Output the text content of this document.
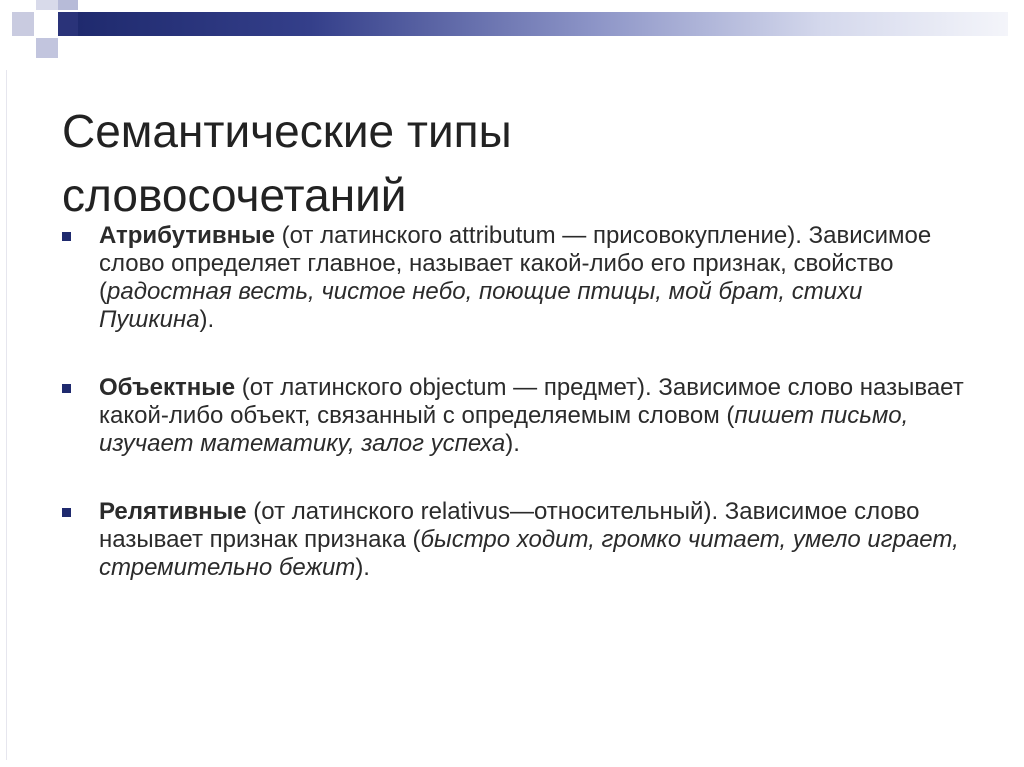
Семантические типы
словосочетаний
Атрибутивные (от латинского attributum — присовокупление). Зависимое слово определяет главное, называет какой-либо его признак, свойство (радостная весть, чистое небо, поющие птицы, мой брат, стихи Пушкина).
Объектные (от латинского objectum — предмет). Зависимое слово называет какой-либо объект, связанный с определяемым словом (пишет письмо, изучает математику, залог успеха).
Релятивные (от латинского relativus—относительный). Зависимое слово называет признак признака (быстро ходит, громко читает, умело играет, стремительно бежит).
